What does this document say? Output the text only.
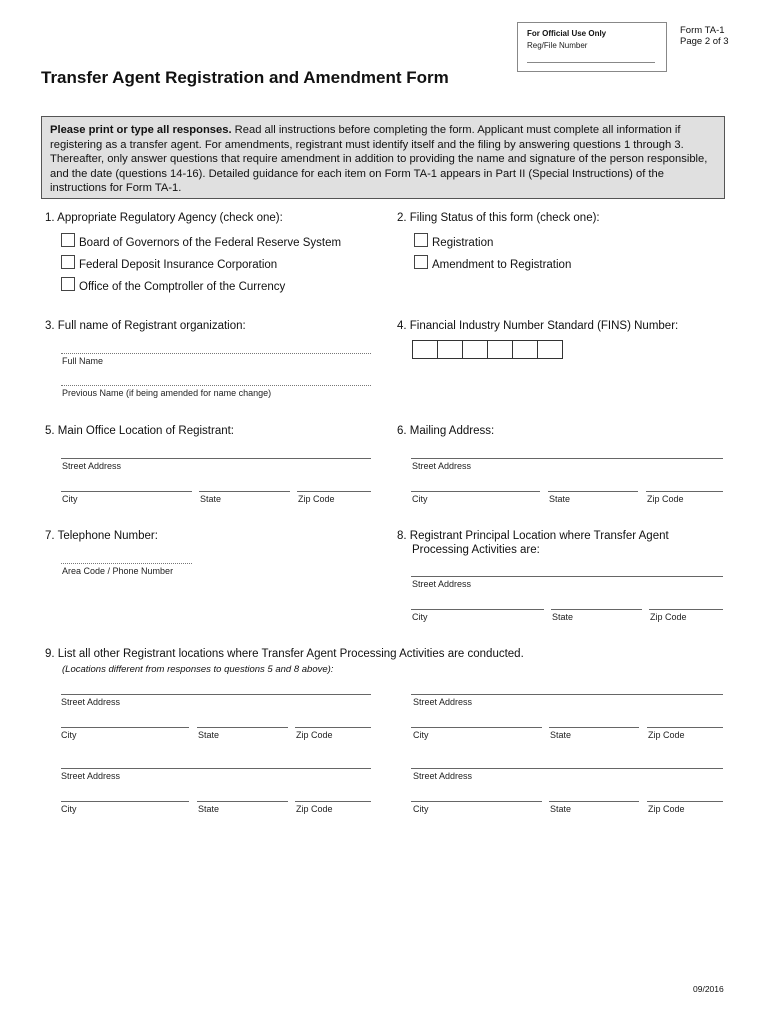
For Official Use Only
Reg/File Number
Form TA-1
Page 2 of 3
Transfer Agent Registration and Amendment Form
Please print or type all responses. Read all instructions before completing the form. Applicant must complete all information if registering as a transfer agent. For amendments, registrant must identify itself and the filing by answering questions 1 through 3. Thereafter, only answer questions that require amendment in addition to providing the name and signature of the person responsible, and the date (questions 14-16). Detailed guidance for each item on Form TA-1 appears in Part II (Special Instructions) of the instructions for Form TA-1.
1. Appropriate Regulatory Agency (check one):
Board of Governors of the Federal Reserve System
Federal Deposit Insurance Corporation
Office of the Comptroller of the Currency
2. Filing Status of this form (check one):
Registration
Amendment to Registration
3. Full name of Registrant organization:
Full Name
Previous Name (if being amended for name change)
4. Financial Industry Number Standard (FINS) Number:
5. Main Office Location of Registrant:
Street Address
City	State	Zip Code
6. Mailing Address:
Street Address
City	State	Zip Code
7. Telephone Number:
Area Code / Phone Number
8. Registrant Principal Location where Transfer Agent
Processing Activities are:
Street Address
City	State	Zip Code
9. List all other Registrant locations where Transfer Agent Processing Activities are conducted.
(Locations different from responses to questions 5 and 8 above):
Street Address
City	State	Zip Code
Street Address
City	State	Zip Code
Street Address
City	State	Zip Code
Street Address
City	State	Zip Code
09/2016
